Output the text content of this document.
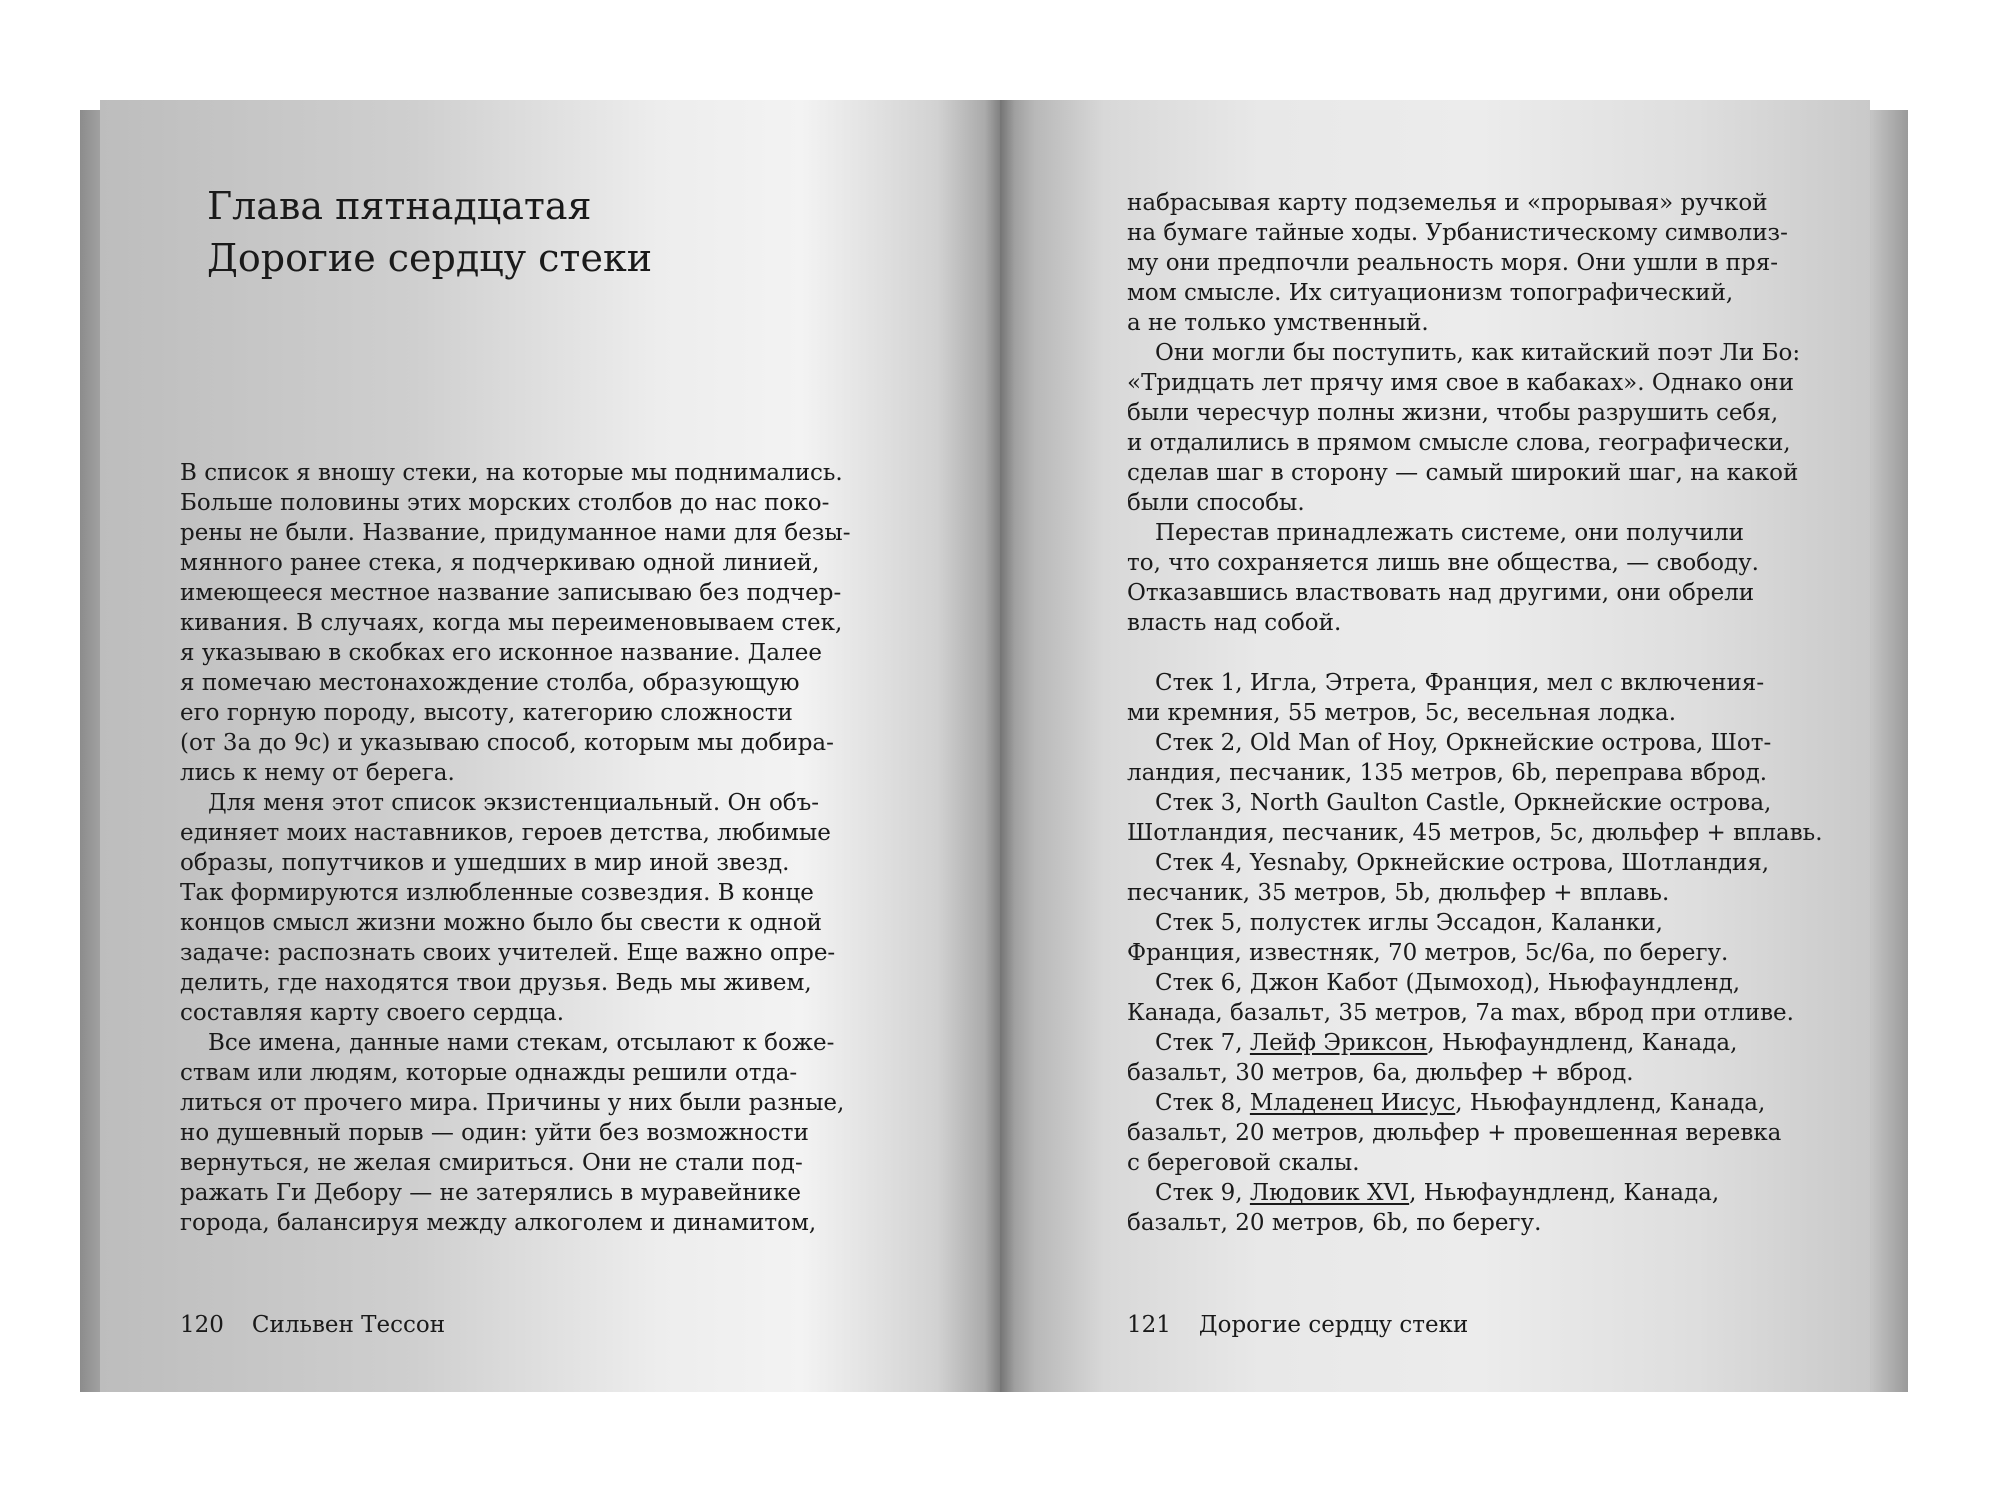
Глава пятнадцатая
Дорогие сердцу стеки
В список я вношу стеки, на которые мы поднимались.
Больше половины этих морских столбов до нас поко-
рены не были. Название, придуманное нами для безы-
мянного ранее стека, я подчеркиваю одной линией,
имеющееся местное название записываю без подчер-
кивания. В случаях, когда мы переименовываем стек,
я указываю в скобках его исконное название. Далее
я помечаю местонахождение столба, образующую
его горную породу, высоту, категорию сложности
(от 3a до 9c) и указываю способ, которым мы добира-
лись к нему от берега.
Для меня этот список экзистенциальный. Он объ-
единяет моих наставников, героев детства, любимые
образы, попутчиков и ушедших в мир иной звезд.
Так формируются излюбленные созвездия. В конце
концов смысл жизни можно было бы свести к одной
задаче: распознать своих учителей. Еще важно опре-
делить, где находятся твои друзья. Ведь мы живем,
составляя карту своего сердца.
Все имена, данные нами стекам, отсылают к боже-
ствам или людям, которые однажды решили отда-
литься от прочего мира. Причины у них были разные,
но душевный порыв — один: уйти без возможности
вернуться, не желая смириться. Они не стали под-
ражать Ги Дебору — не затерялись в муравейнике
города, балансируя между алкоголем и динамитом,
набрасывая карту подземелья и «прорывая» ручкой
на бумаге тайные ходы. Урбанистическому символиз-
му они предпочли реальность моря. Они ушли в пря-
мом смысле. Их ситуационизм топографический,
а не только умственный.
Они могли бы поступить, как китайский поэт Ли Бо:
«Тридцать лет прячу имя свое в кабаках». Однако они
были чересчур полны жизни, чтобы разрушить себя,
и отдалились в прямом смысле слова, географически,
сделав шаг в сторону — самый широкий шаг, на какой
были способы.
Перестав принадлежать системе, они получили
то, что сохраняется лишь вне общества, — свободу.
Отказавшись властвовать над другими, они обрели
власть над собой.
Стек 1, Игла, Этрета, Франция, мел с включения-
ми кремния, 55 метров, 5c, весельная лодка.
Стек 2, Old Man of Hoy, Оркнейские острова, Шот-
ландия, песчаник, 135 метров, 6b, переправа вброд.
Стек 3, North Gaulton Castle, Оркнейские острова,
Шотландия, песчаник, 45 метров, 5c, дюльфер + вплавь.
Стек 4, Yesnaby, Оркнейские острова, Шотландия,
песчаник, 35 метров, 5b, дюльфер + вплавь.
Стек 5, полустек иглы Эссадон, Каланки,
Франция, известняк, 70 метров, 5c/6a, по берегу.
Стек 6, Джон Кабот (Дымоход), Ньюфаундленд,
Канада, базальт, 35 метров, 7a max, вброд при отливе.
Стек 7, Лейф Эриксон, Ньюфаундленд, Канада,
базальт, 30 метров, 6a, дюльфер + вброд.
Стек 8, Младенец Иисус, Ньюфаундленд, Канада,
базальт, 20 метров, дюльфер + провешенная веревка
с береговой скалы.
Стек 9, Людовик XVI, Ньюфаундленд, Канада,
базальт, 20 метров, 6b, по берегу.
120 Сильвен Тессон	121 Дорогие сердцу стеки
